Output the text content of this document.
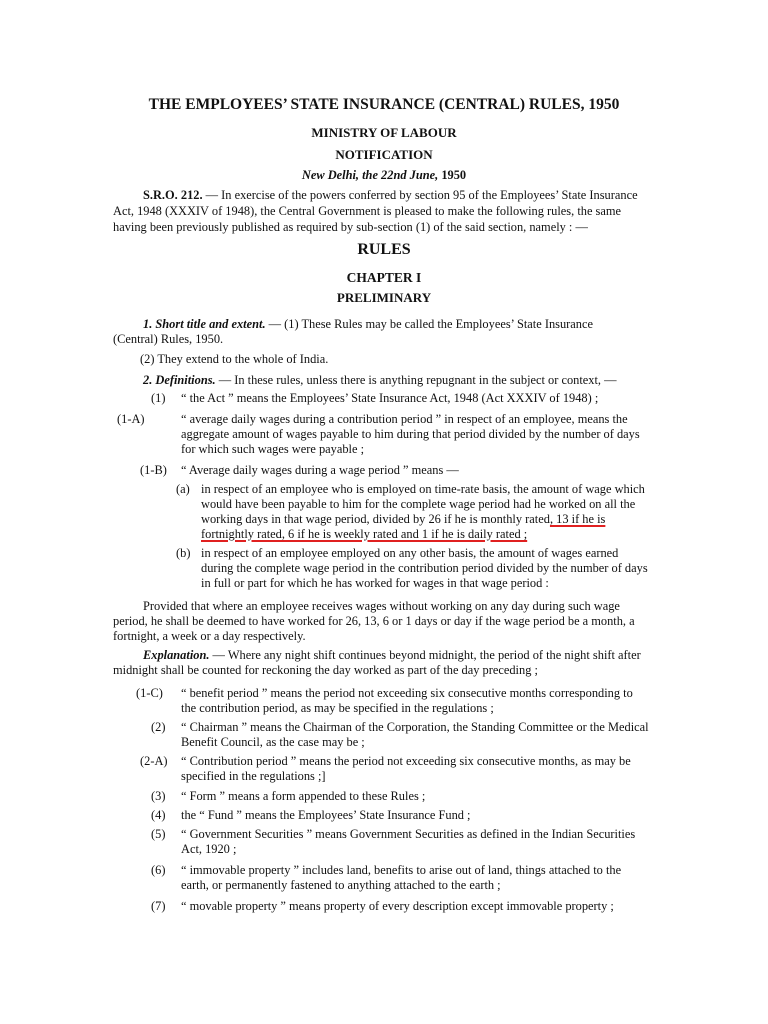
THE EMPLOYEES’ STATE INSURANCE (CENTRAL) RULES, 1950
MINISTRY OF LABOUR
NOTIFICATION
New Delhi, the 22nd June, 1950
S.R.O. 212. — In exercise of the powers conferred by section 95 of the Employees’ State Insurance
Act, 1948 (XXXIV of 1948), the Central Government is pleased to make the following rules, the same
having been previously published as required by sub-section (1) of the said section, namely : —
RULES
CHAPTER I
PRELIMINARY
1. Short title and extent. — (1) These Rules may be called the Employees’ State Insurance
(Central) Rules, 1950.
(2) They extend to the whole of India.
2. Definitions. — In these rules, unless there is anything repugnant in the subject or context, —
(1) “ the Act ” means the Employees’ State Insurance Act, 1948 (Act XXXIV of 1948) ;
(1-A)	“ average daily wages during a contribution period ” in respect of an employee, means the
aggregate amount of wages payable to him during that period divided by the number of days
for which such wages were payable ;
(1-B) “ Average daily wages during a wage period ” means —
(a) in respect of an employee who is employed on time-rate basis, the amount of wage which
would have been payable to him for the complete wage period had he worked on all the
working days in that wage period, divided by 26 if he is monthly rated, 13 if he is
fortnightly rated, 6 if he is weekly rated and 1 if he is daily rated ;
(b) in respect of an employee employed on any other basis, the amount of wages earned
during the complete wage period in the contribution period divided by the number of days
in full or part for which he has worked for wages in that wage period :
Provided that where an employee receives wages without working on any day during such wage
period, he shall be deemed to have worked for 26, 13, 6 or 1 days or day if the wage period be a month, a
fortnight, a week or a day respectively.
Explanation. — Where any night shift continues beyond midnight, the period of the night shift after
midnight shall be counted for reckoning the day worked as part of the day preceding ;
(1-C) “ benefit period ” means the period not exceeding six consecutive months corresponding to
the contribution period, as may be specified in the regulations ;
(2) “ Chairman ” means the Chairman of the Corporation, the Standing Committee or the Medical
Benefit Council, as the case may be ;
(2-A) “ Contribution period ” means the period not exceeding six consecutive months, as may be
specified in the regulations ;]
(3) “ Form ” means a form appended to these Rules ;
(4) the “ Fund ” means the Employees’ State Insurance Fund ;
(5) “ Government Securities ” means Government Securities as defined in the Indian Securities
Act, 1920 ;
(6) “ immovable property ” includes land, benefits to arise out of land, things attached to the
earth, or permanently fastened to anything attached to the earth ;
(7) “ movable property ” means property of every description except immovable property ;
